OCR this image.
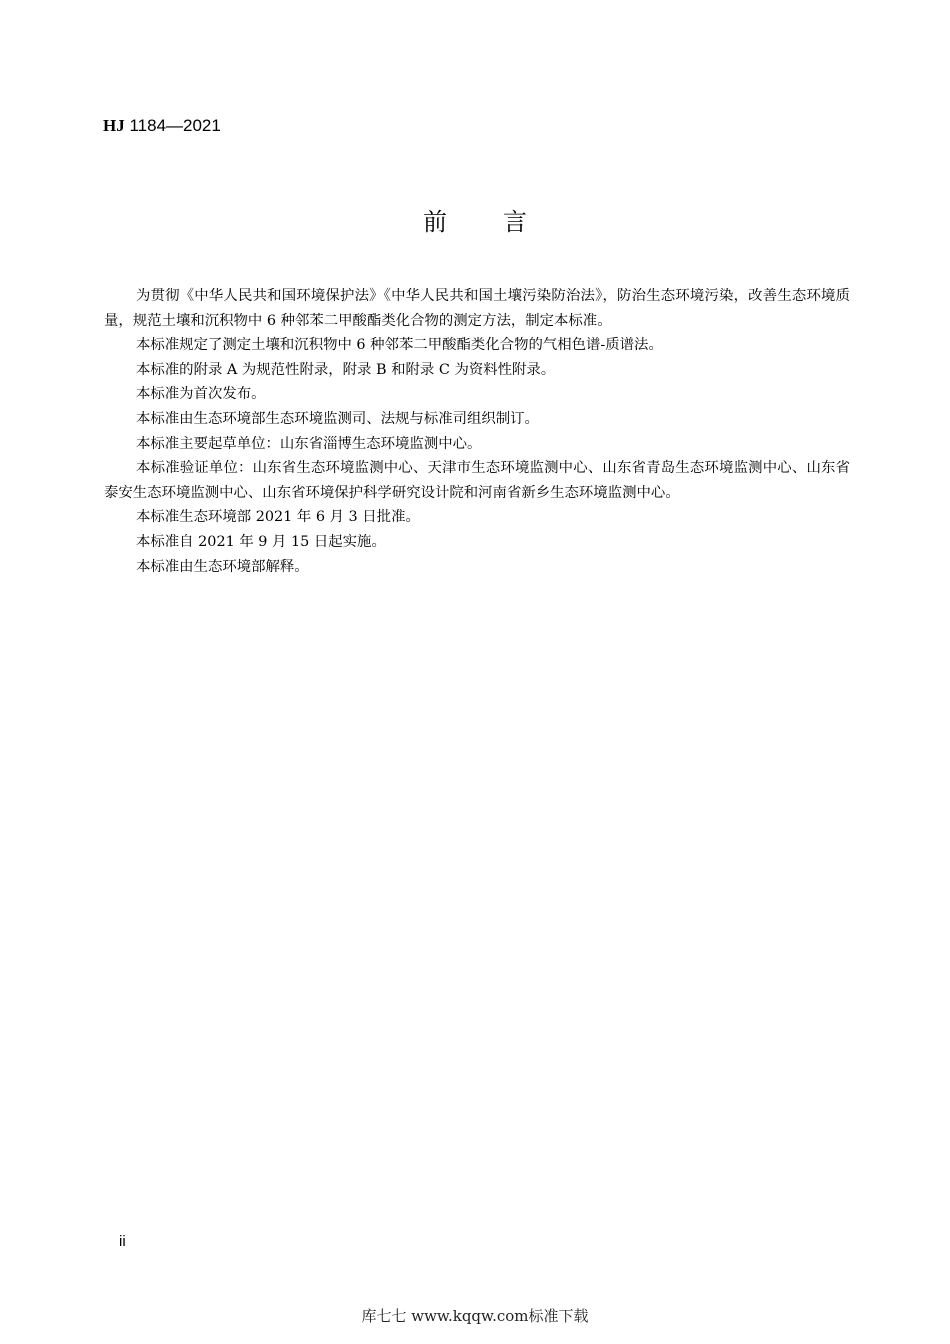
HJ 1184—2021
前言

为贯彻《中华人民共和国环境保护法》《中华人民共和国土壤污染防治法》，防治生态环境污染，改善生态环境质量，规范土壤和沉积物中 6 种邻苯二甲酸酯类化合物的测定方法，制定本标准。

本标准规定了测定土壤和沉积物中 6 种邻苯二甲酸酯类化合物的气相色谱-质谱法。

本标准的附录 A 为规范性附录，附录 B 和附录 C 为资料性附录。

本标准为首次发布。

本标准由生态环境部生态环境监测司、法规与标准司组织制订。

本标准主要起草单位：山东省淄博生态环境监测中心。

本标准验证单位：山东省生态环境监测中心、天津市生态环境监测中心、山东省青岛生态环境监测中心、山东省泰安生态环境监测中心、山东省环境保护科学研究设计院和河南省新乡生态环境监测中心。

本标准生态环境部 2021 年 6 月 3 日批准。

本标准自 2021 年 9 月 15 日起实施。

本标准由生态环境部解释。

ii
库七七 www.kqqw.com标准下载
